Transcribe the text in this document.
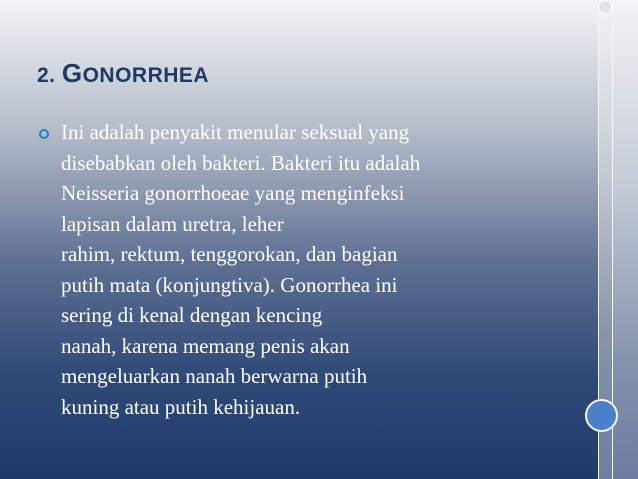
2. GONORRHEA
Ini adalah penyakit menular seksual yang
disebabkan oleh bakteri. Bakteri itu adalah
Neisseria gonorrhoeae yang menginfeksi
lapisan dalam uretra, leher
rahim, rektum, tenggorokan, dan bagian
putih mata (konjungtiva). Gonorrhea ini
sering di kenal dengan kencing
nanah, karena memang penis akan
mengeluarkan nanah berwarna putih
kuning atau putih kehijauan.
